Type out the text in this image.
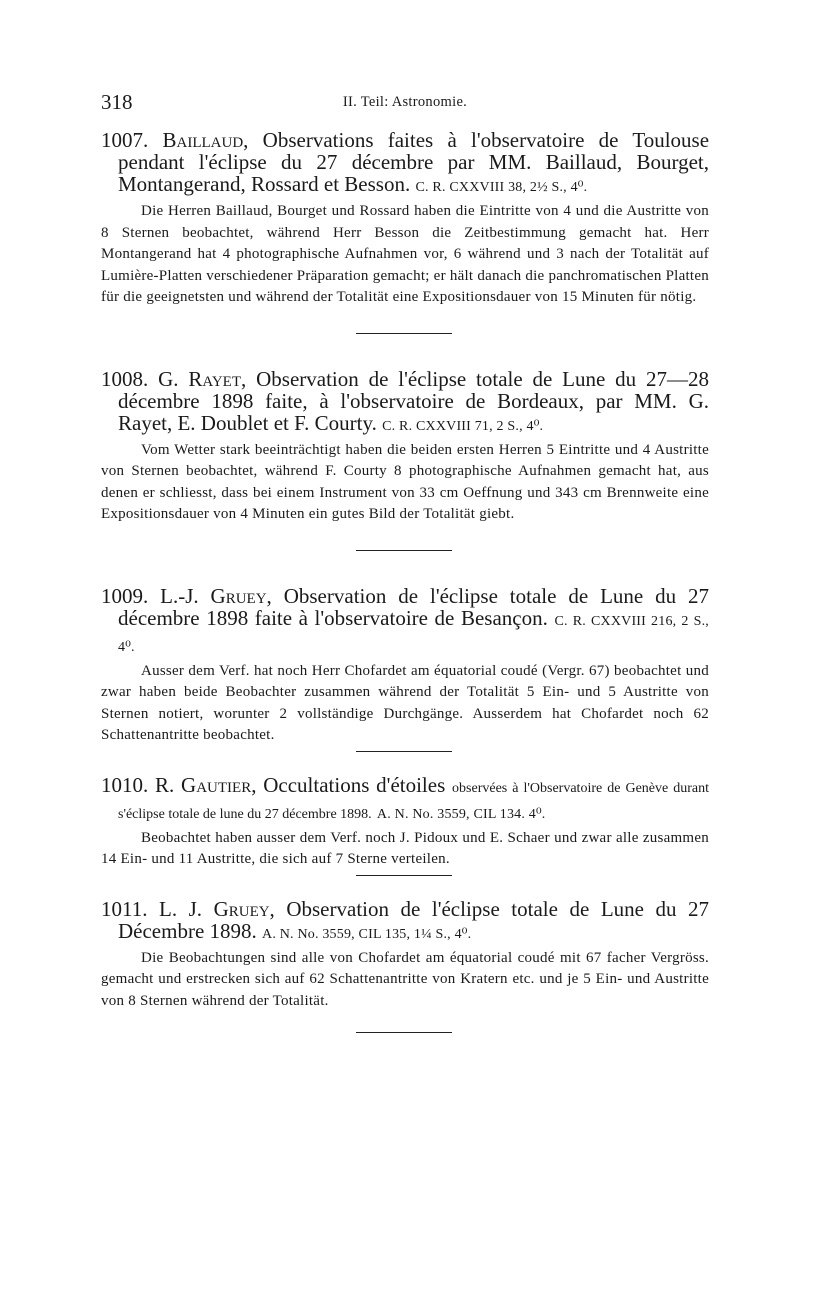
318	II. Teil: Astronomie.
1007. Baillaud, Observations faites à l'observatoire de Toulouse pendant l'éclipse du 27 décembre par MM. Baillaud, Bourget, Montangerand, Rossard et Besson. C. R. CXXVIII 38, 2½ S., 4⁰.
Die Herren Baillaud, Bourget und Rossard haben die Eintritte von 4 und die Austritte von 8 Sternen beobachtet, während Herr Besson die Zeitbestimmung gemacht hat. Herr Montangerand hat 4 photographische Aufnahmen vor, 6 während und 3 nach der Totalität auf Lumière-Platten verschiedener Präparation gemacht; er hält danach die panchromatischen Platten für die geeignetsten und während der Totalität eine Expositionsdauer von 15 Minuten für nötig.
1008. G. Rayet, Observation de l'éclipse totale de Lune du 27—28 décembre 1898 faite, à l'observatoire de Bordeaux, par MM. G. Rayet, E. Doublet et F. Courty. C. R. CXXVIII 71, 2 S., 4⁰.
Vom Wetter stark beeinträchtigt haben die beiden ersten Herren 5 Eintritte und 4 Austritte von Sternen beobachtet, während F. Courty 8 photographische Aufnahmen gemacht hat, aus denen er schliesst, dass bei einem Instrument von 33 cm Oeffnung und 343 cm Brennweite eine Expositionsdauer von 4 Minuten ein gutes Bild der Totalität giebt.
1009. L.-J. Gruey, Observation de l'éclipse totale de Lune du 27 décembre 1898 faite à l'observatoire de Besançon. C. R. CXXVIII 216, 2 S., 4⁰.
Ausser dem Verf. hat noch Herr Chofardet am équatorial coudé (Vergr. 67) beobachtet und zwar haben beide Beobachter zusammen während der Totalität 5 Ein- und 5 Austritte von Sternen notiert, worunter 2 vollständige Durchgänge. Ausserdem hat Chofardet noch 62 Schattenantritte beobachtet.
1010. R. Gautier, Occultations d'étoiles observées à l'Observatoire de Genève durant s'éclipse totale de lune du 27 décembre 1898. A. N. No. 3559, CIL 134. 4⁰.
Beobachtet haben ausser dem Verf. noch J. Pidoux und E. Schaer und zwar alle zusammen 14 Ein- und 11 Austritte, die sich auf 7 Sterne verteilen.
1011. L. J. Gruey, Observation de l'éclipse totale de Lune du 27 Décembre 1898. A. N. No. 3559, CIL 135, 1¼ S., 4⁰.
Die Beobachtungen sind alle von Chofardet am équatorial coudé mit 67 facher Vergröss. gemacht und erstrecken sich auf 62 Schattenantritte von Kratern etc. und je 5 Ein- und Austritte von 8 Sternen während der Totalität.
